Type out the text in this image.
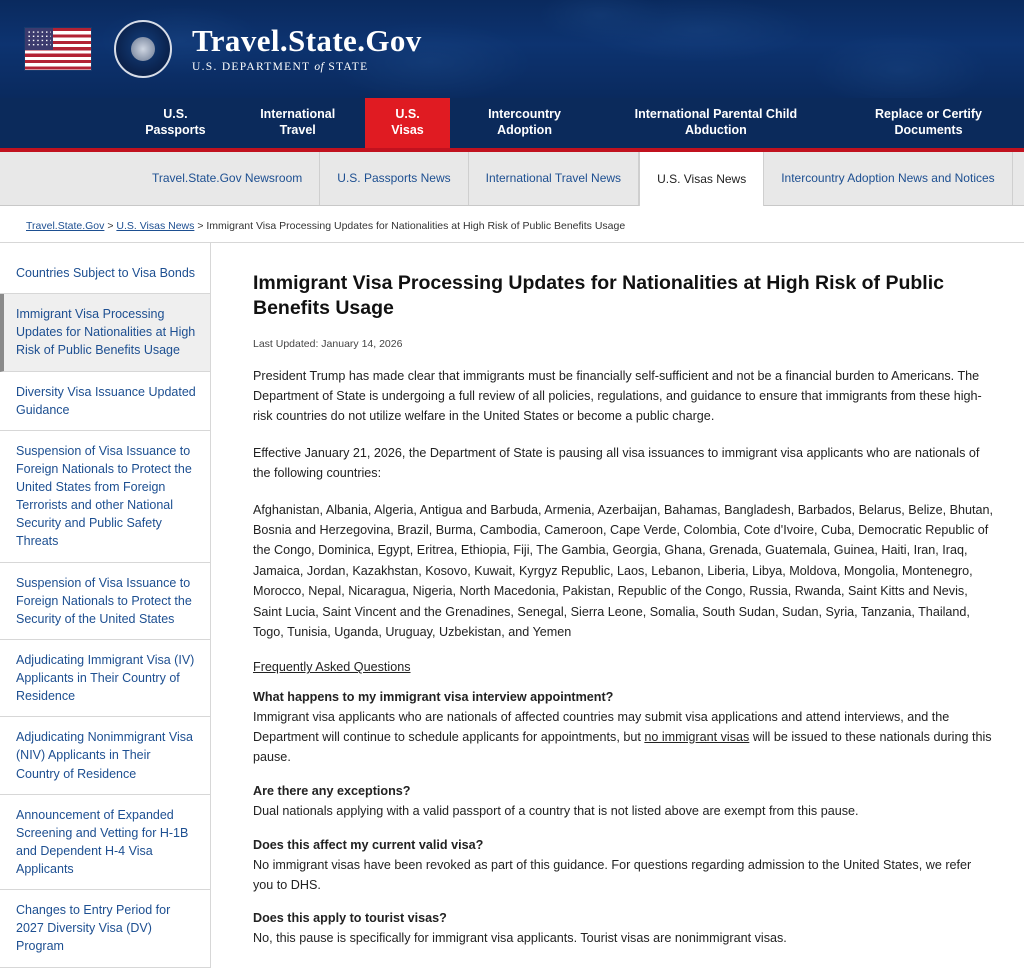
Travel.State.Gov
U.S. DEPARTMENT of STATE
U.S. Passports
International Travel
U.S. Visas
Intercountry Adoption
International Parental Child Abduction
Replace or Certify Documents
Travel.State.Gov Newsroom	U.S. Passports News	International Travel News	U.S. Visas News	Intercountry Adoption News and Notices
Travel.State.Gov > U.S. Visas News > Immigrant Visa Processing Updates for Nationalities at High Risk of Public Benefits Usage
Countries Subject to Visa Bonds
Immigrant Visa Processing Updates for Nationalities at High Risk of Public Benefits Usage
Diversity Visa Issuance Updated Guidance
Suspension of Visa Issuance to Foreign Nationals to Protect the United States from Foreign Terrorists and other National Security and Public Safety Threats
Suspension of Visa Issuance to Foreign Nationals to Protect the Security of the United States
Adjudicating Immigrant Visa (IV) Applicants in Their Country of Residence
Adjudicating Nonimmigrant Visa (NIV) Applicants in Their Country of Residence
Announcement of Expanded Screening and Vetting for H-1B and Dependent H-4 Visa Applicants
Changes to Entry Period for 2027 Diversity Visa (DV) Program
Immigrant Visa Processing Updates for Nationalities at High Risk of Public Benefits Usage
Last Updated: January 14, 2026

President Trump has made clear that immigrants must be financially self-sufficient and not be a financial burden to Americans. The Department of State is undergoing a full review of all policies, regulations, and guidance to ensure that immigrants from these high-risk countries do not utilize welfare in the United States or become a public charge.

Effective January 21, 2026, the Department of State is pausing all visa issuances to immigrant visa applicants who are nationals of the following countries:

Afghanistan, Albania, Algeria, Antigua and Barbuda, Armenia, Azerbaijan, Bahamas, Bangladesh, Barbados, Belarus, Belize, Bhutan, Bosnia and Herzegovina, Brazil, Burma, Cambodia, Cameroon, Cape Verde, Colombia, Cote d'Ivoire, Cuba, Democratic Republic of the Congo, Dominica, Egypt, Eritrea, Ethiopia, Fiji, The Gambia, Georgia, Ghana, Grenada, Guatemala, Guinea, Haiti, Iran, Iraq, Jamaica, Jordan, Kazakhstan, Kosovo, Kuwait, Kyrgyz Republic, Laos, Lebanon, Liberia, Libya, Moldova, Mongolia, Montenegro, Morocco, Nepal, Nicaragua, Nigeria, North Macedonia, Pakistan, Republic of the Congo, Russia, Rwanda, Saint Kitts and Nevis, Saint Lucia, Saint Vincent and the Grenadines, Senegal, Sierra Leone, Somalia, South Sudan, Sudan, Syria, Tanzania, Thailand, Togo, Tunisia, Uganda, Uruguay, Uzbekistan, and Yemen
Frequently Asked Questions
What happens to my immigrant visa interview appointment?
Immigrant visa applicants who are nationals of affected countries may submit visa applications and attend interviews, and the Department will continue to schedule applicants for appointments, but no immigrant visas will be issued to these nationals during this pause.
Are there any exceptions?
Dual nationals applying with a valid passport of a country that is not listed above are exempt from this pause.
Does this affect my current valid visa?
No immigrant visas have been revoked as part of this guidance. For questions regarding admission to the United States, we refer you to DHS.
Does this apply to tourist visas?
No, this pause is specifically for immigrant visa applicants. Tourist visas are nonimmigrant visas.
